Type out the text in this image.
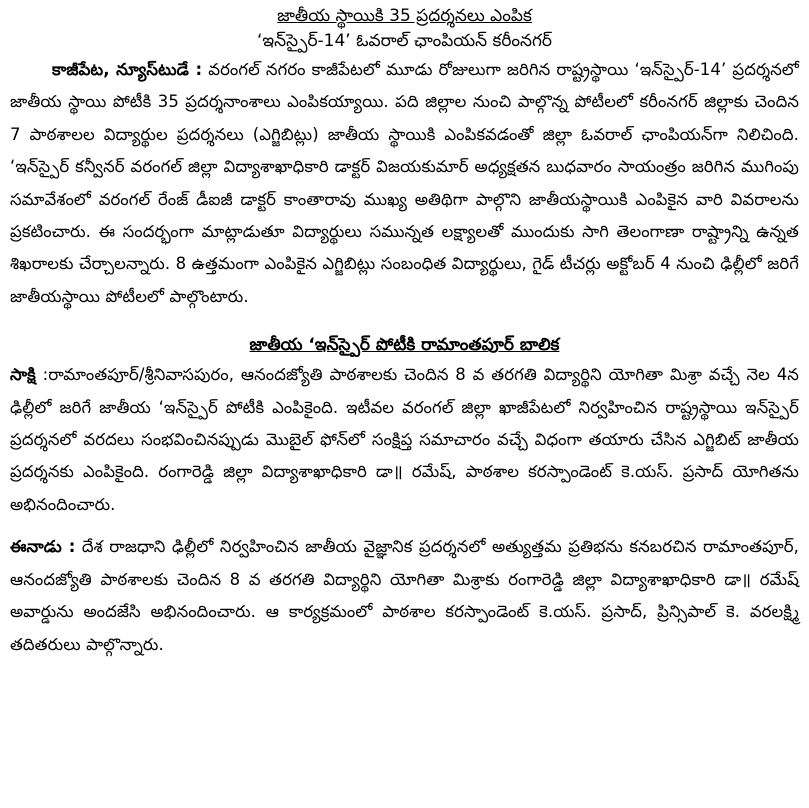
జాతీయ స్థాయికి 35 ప్రదర్శనలు ఎంపిక
‘ఇన్‌స్పైర్‌-14’ ఓవరాల్‌ ఛాంపియన్‌ కరీంనగర్‌

కాజీపేట, న్యూస్‌టుడే : వరంగల్‌ నగరం కాజీపేటలో మూడు రోజులుగా జరిగిన రాష్ట్రస్థాయి ‘ఇన్‌స్పైర్‌-14’ ప్రదర్శనలో జాతీయ స్థాయి పోటీకి 35 ప్రదర్శనాంశాలు ఎంపికయ్యాయి. పది జిల్లాల నుంచి పాల్గొన్న పోటీలలో కరీంనగర్‌ జిల్లాకు చెందిన 7 పాఠశాలల విద్యార్థుల ప్రదర్శనలు (ఎగ్జిబిట్లు) జాతీయ స్థాయికి ఎంపికవడంతో జిల్లా ఓవరాల్‌ ఛాంపియన్‌గా నిలిచింది. ‘ఇన్‌స్పైర్‌ కన్వీనర్‌ వరంగల్‌ జిల్లా విద్యాశాఖాధికారి డాక్టర్‌ విజయకుమార్‌ అధ్యక్షతన బుధవారం సాయంత్రం జరిగిన ముగింపు సమావేశంలో వరంగల్‌ రేంజ్‌ డీఐజీ డాక్టర్‌ కాంతారావు ముఖ్య అతిథిగా పాల్గొని జాతీయస్థాయికి ఎంపికైన వారి వివరాలను ప్రకటించారు. ఈ సందర్భంగా మాట్లాడుతూ విద్యార్థులు సమున్నత లక్ష్యాలతో ముందుకు సాగి తెలంగాణా రాష్ట్రాన్ని ఉన్నత శిఖరాలకు చేర్చాలన్నారు. 8 ఉత్తమంగా ఎంపికైన ఎగ్జిబిట్లు సంబంధిత విద్యార్థులు, గైడ్‌ టీచర్లు అక్టోబర్‌ 4 నుంచి ఢిల్లీలో జరిగే జాతీయస్థాయి పోటీలలో పాల్గొంటారు.

జాతీయ ‘ఇన్‌స్పైర్‌ పోటీకి రామాంతపూర్‌ బాలిక

సాక్షి :రామాంతపూర్‌/శ్రీనివాసపురం, ఆనందజ్యోతి పాఠశాలకు చెందిన 8 వ తరగతి విద్యార్థిని యోగితా మిశ్రా వచ్చే నెల 4న ఢిల్లీలో జరిగే జాతీయ ‘ఇన్‌స్పైర్‌ పోటీకి ఎంపికైంది. ఇటీవల వరంగల్‌ జిల్లా ఖాజీపేటలో నిర్వహించిన రాష్ట్రస్థాయి ఇన్‌స్పైర్‌ ప్రదర్శనలో వరదలు సంభవించినప్పుడు మొబైల్‌ ఫోన్‌లో సంక్షిప్త సమాచారం వచ్చే విధంగా తయారు చేసిన ఎగ్జిబిట్‌ జాతీయ ప్రదర్శనకు ఎంపికైంది. రంగారెడ్డి జిల్లా విద్యాశాఖాధికారి డా॥ రమేష్‌, పాఠశాల కరస్పాండెంట్‌ కె.యస్‌. ప్రసాద్‌ యోగితను అభినందించారు.

ఈనాడు : దేశ రాజధాని ఢిల్లీలో నిర్వహించిన జాతీయ వైజ్ఞానిక ప్రదర్శనలో అత్యుత్తమ ప్రతిభను కనబరచిన రామాంతపూర్‌, ఆనందజ్యోతి పాఠశాలకు చెందిన 8 వ తరగతి విద్యార్థిని యోగితా మిశ్రాకు రంగారెడ్డి జిల్లా విద్యాశాఖాధికారి డా॥ రమేష్‌ అవార్డును అందజేసి అభినందించారు. ఆ కార్యక్రమంలో పాఠశాల కరస్పాండెంట్‌ కె.యస్‌. ప్రసాద్‌, ప్రిన్సిపాల్‌ కె. వరలక్ష్మి తదితరులు పాల్గొన్నారు.
